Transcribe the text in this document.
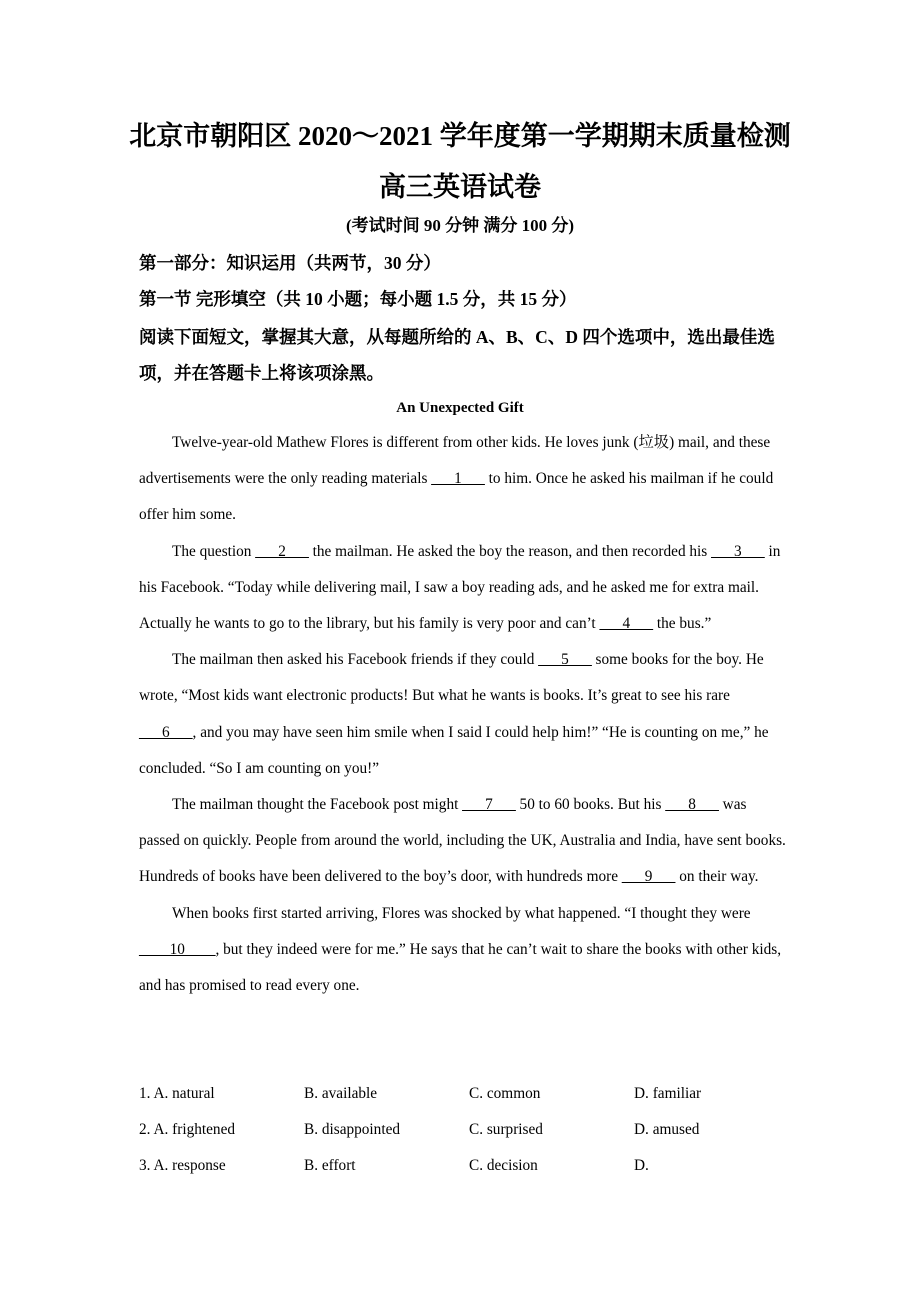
北京市朝阳区 2020～2021 学年度第一学期期末质量检测
高三英语试卷
(考试时间 90 分钟 满分 100 分)
第一部分：知识运用（共两节，30 分）
第一节 完形填空（共 10 小题；每小题 1.5 分，共 15 分）
阅读下面短文，掌握其大意，从每题所给的 A、B、C、D 四个选项中，选出最佳选项，并在答题卡上将该项涂黑。
An Unexpected Gift

Twelve-year-old Mathew Flores is different from other kids. He loves junk (垃圾) mail, and these advertisements were the only reading materials ___1___ to him. Once he asked his mailman if he could offer him some.

The question ___2___ the mailman. He asked the boy the reason, and then recorded his ___3___ in his Facebook. “Today while delivering mail, I saw a boy reading ads, and he asked me for extra mail. Actually he wants to go to the library, but his family is very poor and can’t ___4___ the bus.”

The mailman then asked his Facebook friends if they could ___5___ some books for the boy. He wrote, “Most kids want electronic products! But what he wants is books. It’s great to see his rare ___6___, and you may have seen him smile when I said I could help him!” “He is counting on me,” he concluded. “So I am counting on you!”

The mailman thought the Facebook post might ___7___ 50 to 60 books. But his ___8___ was passed on quickly. People from around the world, including the UK, Australia and India, have sent books. Hundreds of books have been delivered to the boy’s door, with hundreds more ___9___ on their way.

When books first started arriving, Flores was shocked by what happened. “I thought they were ____10____, but they indeed were for me.” He says that he can’t wait to share the books with other kids, and has promised to read every one.

1. A. natural	B. available	C. common	D. familiar
2. A. frightened	B. disappointed	C. surprised	D. amused
3. A. response	B. effort	C. decision	D.
